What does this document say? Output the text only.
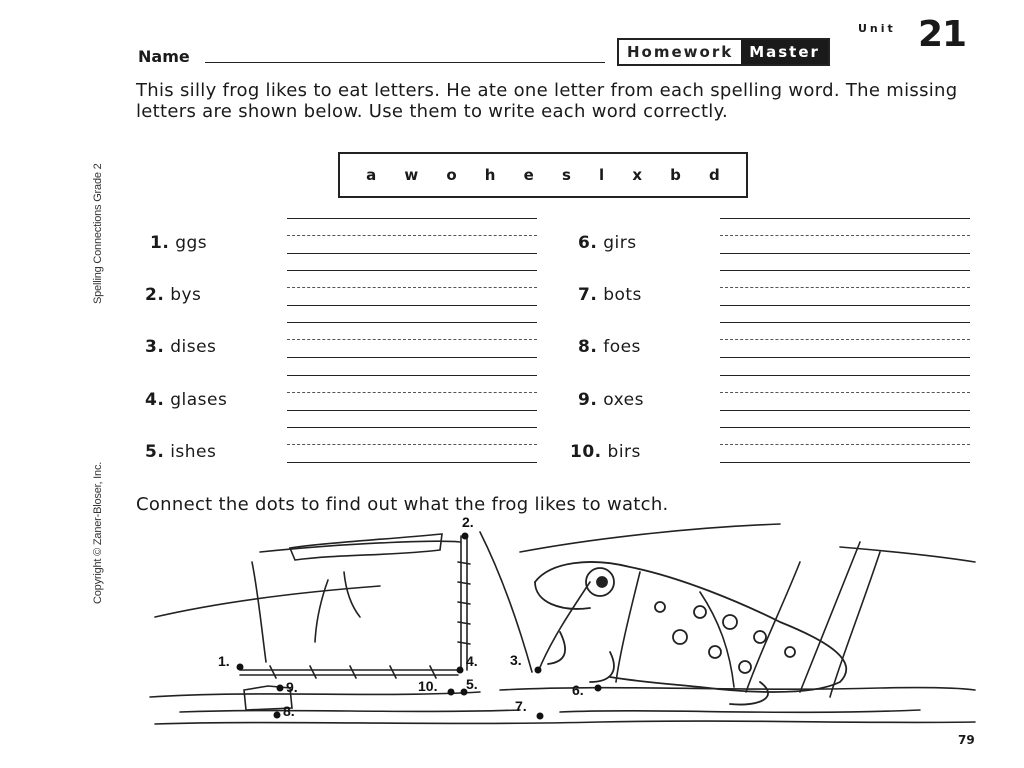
Spelling Connections Grade 2
Copyright © Zaner-Bloser, Inc.
Name
Unit 21
Homework	Master
This silly frog likes to eat letters. He ate one letter from each spelling word. The missing letters are shown below. Use them to write each word correctly.
a w o h e s l x b d
1. ggs
2. bys
3. dises
4. glases
5. ishes
6. girs
7. bots
8. foes
9. oxes
10. birs
Connect the dots to find out what the frog likes to watch.
1.
2.
3.
4.
5.	6.
7.
8.
9.	10.
79
